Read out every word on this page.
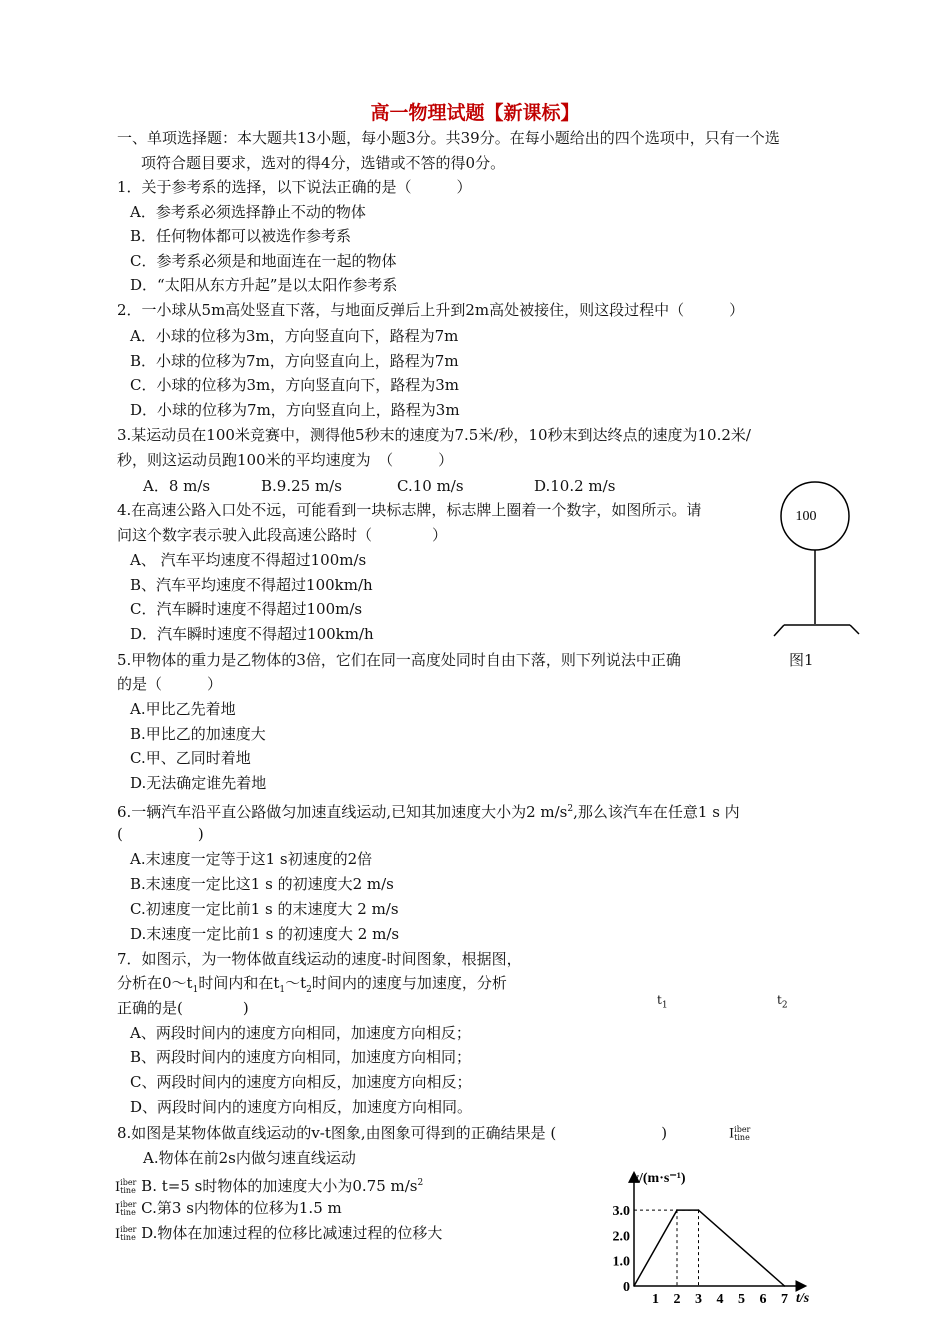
高一物理试题【新课标】
一、单项选择题：本大题共13小题，每小题3分。共39分。在每小题给出的四个选项中，只有一个选
项符合题目要求，选对的得4分，选错或不答的得0分。
1．关于参考系的选择，以下说法正确的是（　　　）
A．参考系必须选择静止不动的物体
B．任何物体都可以被选作参考系
C．参考系必须是和地面连在一起的物体
D．“太阳从东方升起”是以太阳作参考系
2．一小球从5m高处竖直下落，与地面反弹后上升到2m高处被接住，则这段过程中（　　　）
A．小球的位移为3m，方向竖直向下，路程为7m
B．小球的位移为7m，方向竖直向上，路程为7m
C．小球的位移为3m，方向竖直向下，路程为3m
D．小球的位移为7m，方向竖直向上，路程为3m
3.某运动员在100米竞赛中，测得他5秒末的速度为7.5米/秒，10秒末到达终点的速度为10.2米/
秒，则这运动员跑100米的平均速度为　（　　　）
A．8 m/s	B.9.25 m/s	C.10 m/s	D.10.2 m/s
4.在高速公路入口处不远，可能看到一块标志牌，标志牌上圈着一个数字，如图所示。请
问这个数字表示驶入此段高速公路时（　　　　）
A、 汽车平均速度不得超过100m/s
B、汽车平均速度不得超过100km/h
C．汽车瞬时速度不得超过100m/s
D．汽车瞬时速度不得超过100km/h
100
5.甲物体的重力是乙物体的3倍，它们在同一高度处同时自由下落，则下列说法中正确	图1
的是（　　　）
A.甲比乙先着地
B.甲比乙的加速度大
C.甲、乙同时着地
D.无法确定谁先着地
6.一辆汽车沿平直公路做匀加速直线运动,已知其加速度大小为2 $m/s^2$,那么该汽车在任意1 s 内
(　　　　　)
A.末速度一定等于这1 s初速度的2倍
B.末速度一定比这1 s 的初速度大2 m/s
C.初速度一定比前1 s 的末速度大 2 m/s
D.末速度一定比前1 s 的初速度大 2 m/s
7．如图示，为一物体做直线运动的速度-时间图象，根据图，
分析在$0\sim t_1$时间内和在$t_1\sim t_2$时间内的速度与加速度，分析
正确的是(　　　　)	$t_1$	$t_2$
A、两段时间内的速度方向相同，加速度方向相反；
B、两段时间内的速度方向相同，加速度方向相同；
C、两段时间内的速度方向相反，加速度方向相反；
D、两段时间内的速度方向相反，加速度方向相同。
8.如图是某物体做直线运动的v-t图象,由图象可得到的正确结果是 (　　　　　　　)	Iiber
tine
A.物体在前2s内做匀速直线运动
Iiber
tine B. t=5 s时物体的加速度大小为0.75 $m/s^2$
Iiber
tine C.第3 s内物体的位移为1.5 m
Iiber
tine D.物体在加速过程的位移比减速过程的位移大
1 2 3 4 5 6 7
0
1.0
2.0
3.0
v/(m·s⁻¹)
t/s
